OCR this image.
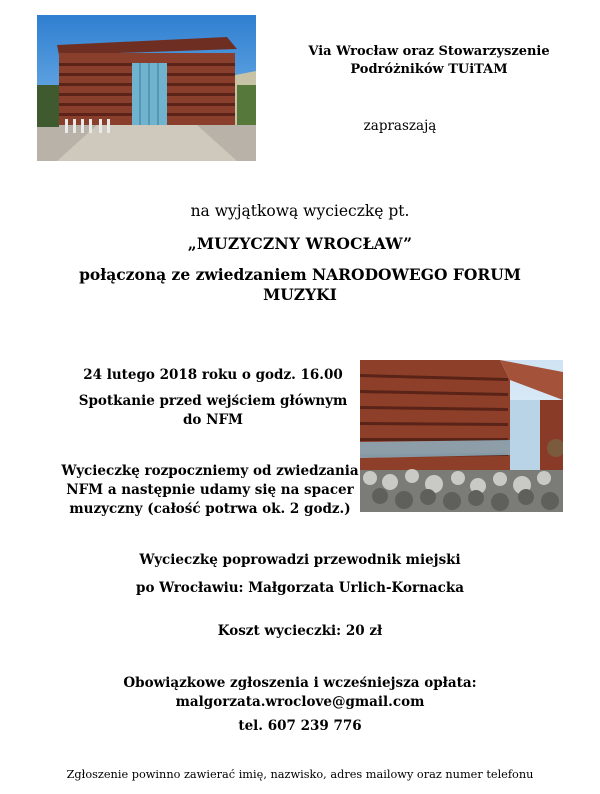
Via Wrocław oraz Stowarzyszenie
Podróżników TUiTAM
zapraszają
na wyjątkową wycieczkę pt.
„MUZYCZNY WROCŁAW”
połączoną ze zwiedzaniem NARODOWEGO FORUM
MUZYKI
24 lutego 2018 roku o godz. 16.00
Spotkanie przed wejściem głównym
do NFM
Wycieczkę rozpoczniemy od zwiedzania
NFM a następnie udamy się na spacer
muzyczny (całość potrwa ok. 2 godz.)
Wycieczkę poprowadzi przewodnik miejski
po Wrocławiu: Małgorzata Urlich-Kornacka
Koszt wycieczki: 20 zł
Obowiązkowe zgłoszenia i wcześniejsza opłata:
malgorzata.wroclove@gmail.com
tel. 607 239 776
Zgłoszenie powinno zawierać imię, nazwisko, adres mailowy oraz numer telefonu
